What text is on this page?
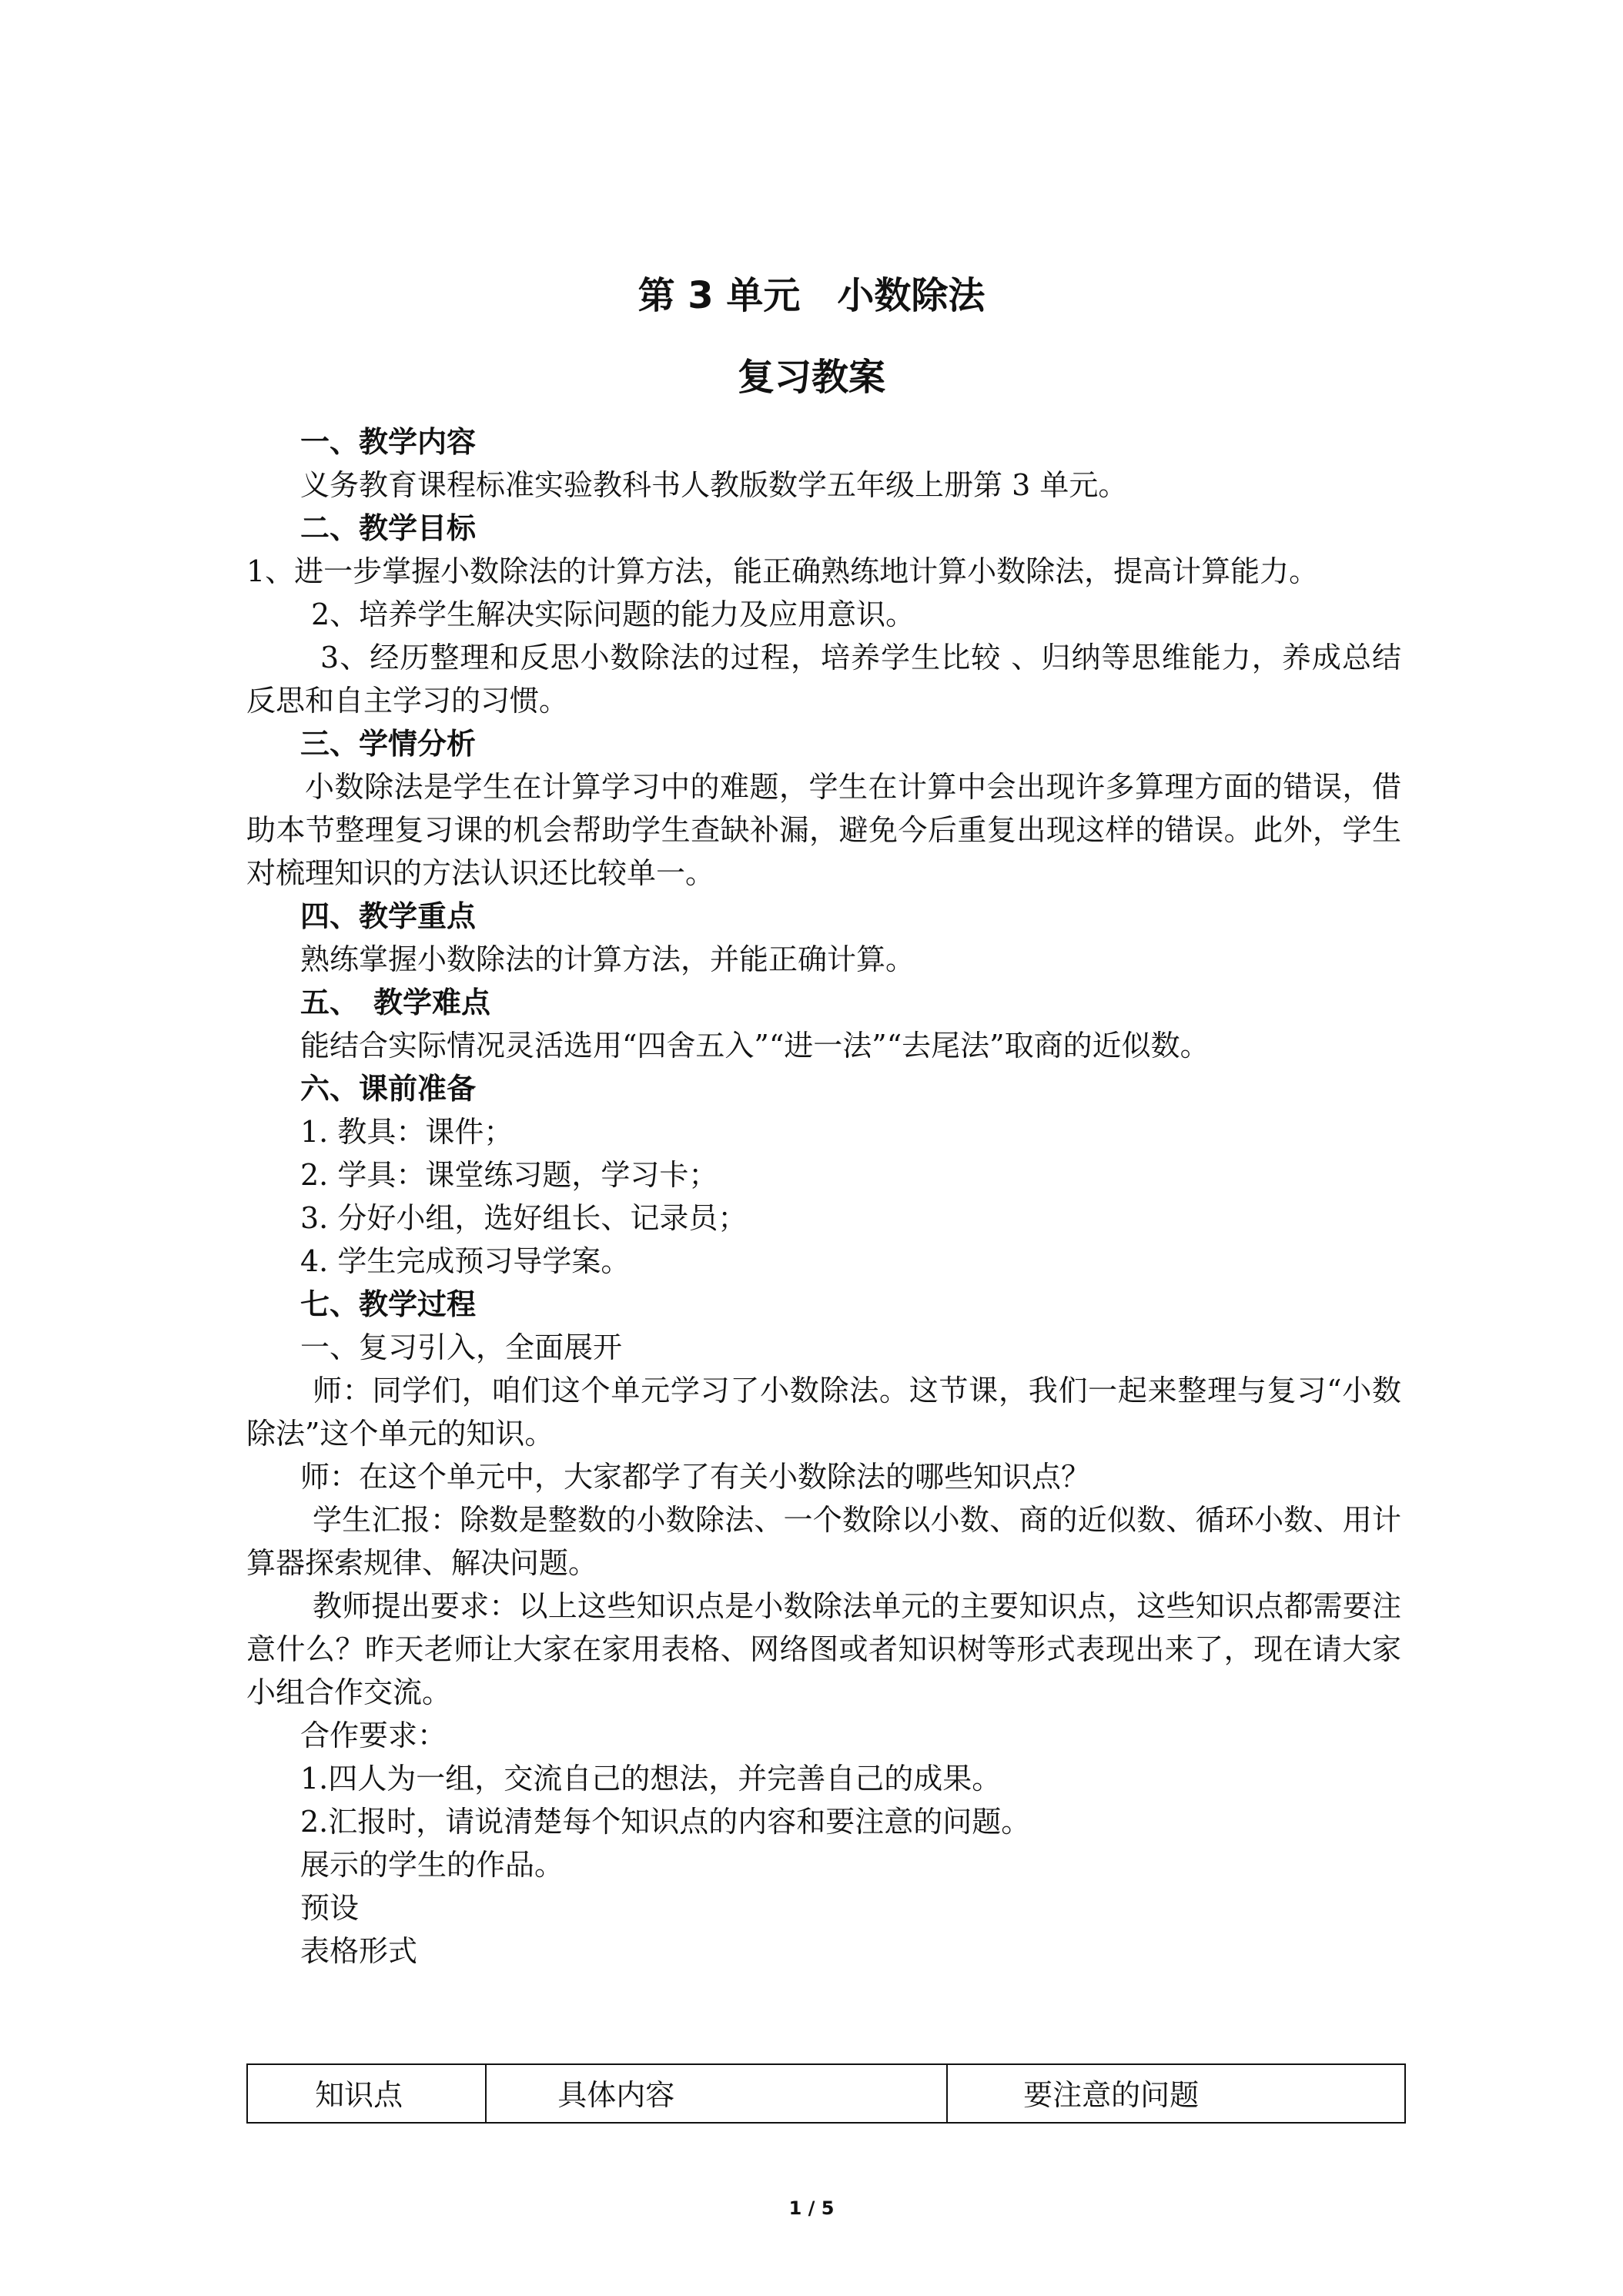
第 3 单元　小数除法
复习教案

一、教学内容

义务教育课程标准实验教科书人教版数学五年级上册第 3 单元。

二、教学目标

1、进一步掌握小数除法的计算方法，能正确熟练地计算小数除法，提高计算能力。

2、培养学生解决实际问题的能力及应用意识。

3、经历整理和反思小数除法的过程，培养学生比较 、归纳等思维能力，养成总结反思和自主学习的习惯。

三、学情分析

小数除法是学生在计算学习中的难题，学生在计算中会出现许多算理方面的错误，借助本节整理复习课的机会帮助学生查缺补漏，避免今后重复出现这样的错误。此外，学生对梳理知识的方法认识还比较单一。

四、教学重点

熟练掌握小数除法的计算方法，并能正确计算。

五、　教学难点

能结合实际情况灵活选用“四舍五入”“进一法”“去尾法”取商的近似数。

六、课前准备

1. 教具：课件；

2. 学具：课堂练习题，学习卡；

3. 分好小组，选好组长、记录员；

4. 学生完成预习导学案。

七、教学过程

一、复习引入，全面展开

师：同学们，咱们这个单元学习了小数除法。这节课，我们一起来整理与复习“小数除法”这个单元的知识。

师：在这个单元中，大家都学了有关小数除法的哪些知识点？

学生汇报：除数是整数的小数除法、一个数除以小数、商的近似数、循环小数、用计算器探索规律、解决问题。

教师提出要求：以上这些知识点是小数除法单元的主要知识点，这些知识点都需要注意什么？昨天老师让大家在家用表格、网络图或者知识树等形式表现出来了，现在请大家小组合作交流。

合作要求：

1.四人为一组，交流自己的想法，并完善自己的成果。

2.汇报时，请说清楚每个知识点的内容和要注意的问题。

展示的学生的作品。

预设

表格形式

知识点	具体内容	要注意的问题
1 / 5
